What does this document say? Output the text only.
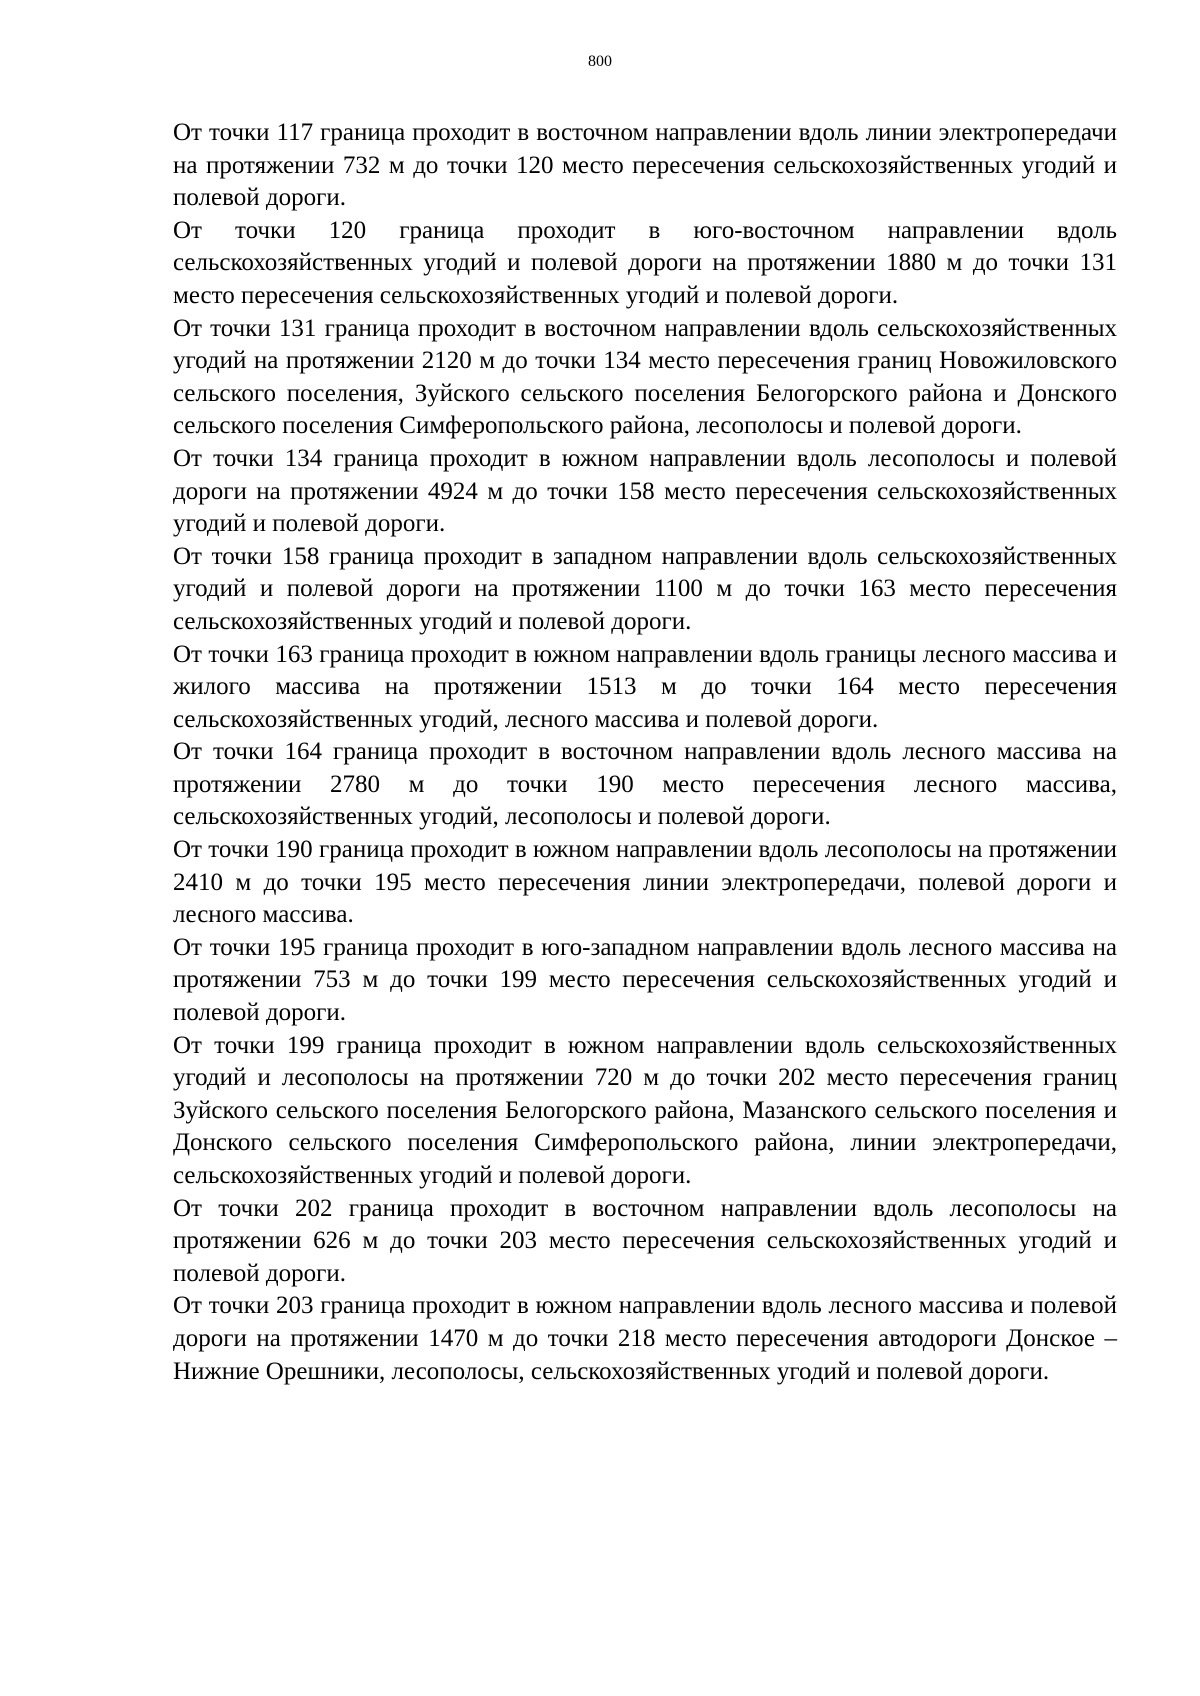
800

От точки 117 граница проходит в восточном направлении вдоль линии электропередачи на протяжении 732 м до точки 120 место пересечения сельскохозяйственных угодий и полевой дороги.

От точки 120 граница проходит в юго-восточном направлении вдоль сельскохозяйственных угодий и полевой дороги на протяжении 1880 м до точки 131 место пересечения сельскохозяйственных угодий и полевой дороги.

От точки 131 граница проходит в восточном направлении вдоль сельскохозяйственных угодий на протяжении 2120 м до точки 134 место пересечения границ Новожиловского сельского поселения, Зуйского сельского поселения Белогорского района и Донского сельского поселения Симферопольского района, лесополосы и полевой дороги.

От точки 134 граница проходит в южном направлении вдоль лесополосы и полевой дороги на протяжении 4924 м до точки 158 место пересечения сельскохозяйственных угодий и полевой дороги.

От точки 158 граница проходит в западном направлении вдоль сельскохозяйственных угодий и полевой дороги на протяжении 1100 м до точки 163 место пересечения сельскохозяйственных угодий и полевой дороги.

От точки 163 граница проходит в южном направлении вдоль границы лесного массива и жилого массива на протяжении 1513 м до точки 164 место пересечения сельскохозяйственных угодий, лесного массива и полевой дороги.

От точки 164 граница проходит в восточном направлении вдоль лесного массива на протяжении 2780 м до точки 190 место пересечения лесного массива, сельскохозяйственных угодий, лесополосы и полевой дороги.

От точки 190 граница проходит в южном направлении вдоль лесополосы на протяжении 2410 м до точки 195 место пересечения линии электропередачи, полевой дороги и лесного массива.

От точки 195 граница проходит в юго-западном направлении вдоль лесного массива на протяжении 753 м до точки 199 место пересечения сельскохозяйственных угодий и полевой дороги.

От точки 199 граница проходит в южном направлении вдоль сельскохозяйственных угодий и лесополосы на протяжении 720 м до точки 202 место пересечения границ Зуйского сельского поселения Белогорского района, Мазанского сельского поселения и Донского сельского поселения Симферопольского района, линии электропередачи, сельскохозяйственных угодий и полевой дороги.

От точки 202 граница проходит в восточном направлении вдоль лесополосы на протяжении 626 м до точки 203 место пересечения сельскохозяйственных угодий и полевой дороги.

От точки 203 граница проходит в южном направлении вдоль лесного массива и полевой дороги на протяжении 1470 м до точки 218 место пересечения автодороги Донское – Нижние Орешники, лесополосы, сельскохозяйственных угодий и полевой дороги.
